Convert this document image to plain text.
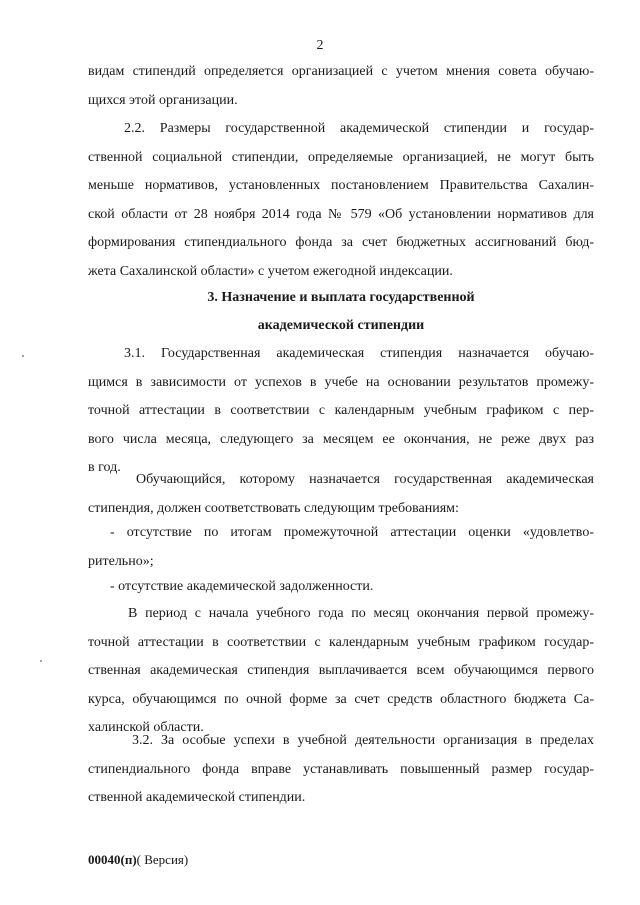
2
видам стипендий определяется организацией с учетом мнения совета обучаю-
щихся этой организации.
2.2. Размеры государственной академической стипендии и государ-
ственной социальной стипендии, определяемые организацией, не могут быть
меньше нормативов, установленных постановлением Правительства Сахалин-
ской области от 28 ноября 2014 года № 579 «Об установлении нормативов для
формирования стипендиального фонда за счет бюджетных ассигнований бюд-
жета Сахалинской области» с учетом ежегодной индексации.
3. Назначение и выплата государственной
академической стипендии
3.1. Государственная академическая стипендия назначается обучаю-
щимся в зависимости от успехов в учебе на основании результатов промежу-
точной аттестации в соответствии с календарным учебным графиком с пер-
вого числа месяца, следующего за месяцем ее окончания, не реже двух раз
в год.
Обучающийся, которому назначается государственная академическая
стипендия, должен соответствовать следующим требованиям:
- отсутствие по итогам промежуточной аттестации оценки «удовлетво-
рительно»;
- отсутствие академической задолженности.
В период с начала учебного года по месяц окончания первой промежу-
точной аттестации в соответствии с календарным учебным графиком государ-
ственная академическая стипендия выплачивается всем обучающимся первого
курса, обучающимся по очной форме за счет средств областного бюджета Са-
халинской области.
3.2. За особые успехи в учебной деятельности организация в пределах
стипендиального фонда вправе устанавливать повышенный размер государ-
ственной академической стипендии.
00040(п)( Версия)
